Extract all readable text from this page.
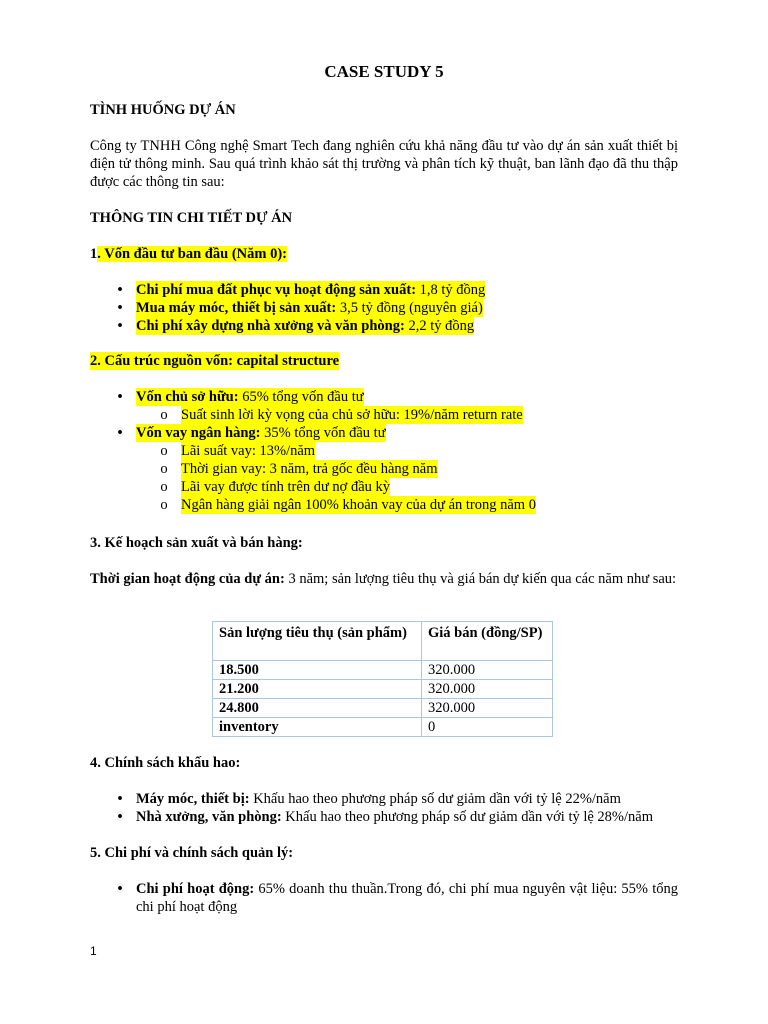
CASE STUDY 5
TÌNH HUỐNG DỰ ÁN
Công ty TNHH Công nghệ Smart Tech đang nghiên cứu khả năng đầu tư vào dự án sản xuất thiết bị điện tử thông minh. Sau quá trình khảo sát thị trường và phân tích kỹ thuật, ban lãnh đạo đã thu thập được các thông tin sau:
THÔNG TIN CHI TIẾT DỰ ÁN
1. Vốn đầu tư ban đầu (Năm 0):
• Chi phí mua đất phục vụ hoạt động sản xuất: 1,8 tỷ đồng
• Mua máy móc, thiết bị sản xuất: 3,5 tỷ đồng (nguyên giá)
• Chi phí xây dựng nhà xưởng và văn phòng: 2,2 tỷ đồng
2. Cấu trúc nguồn vốn: capital structure
• Vốn chủ sở hữu: 65% tổng vốn đầu tư
o Suất sinh lời kỳ vọng của chủ sở hữu: 19%/năm return rate
• Vốn vay ngân hàng: 35% tổng vốn đầu tư
o Lãi suất vay: 13%/năm
o Thời gian vay: 3 năm, trả gốc đều hàng năm
o Lãi vay được tính trên dư nợ đầu kỳ
o Ngân hàng giải ngân 100% khoản vay của dự án trong năm 0
3. Kế hoạch sản xuất và bán hàng:
Thời gian hoạt động của dự án: 3 năm; sản lượng tiêu thụ và giá bán dự kiến qua các năm như sau:
Sản lượng tiêu thụ (sản phẩm)	Giá bán (đồng/SP)
18.500	320.000
21.200	320.000
24.800	320.000
inventory	0
4. Chính sách khấu hao:
• Máy móc, thiết bị: Khấu hao theo phương pháp số dư giảm dần với tỷ lệ 22%/năm
• Nhà xưởng, văn phòng: Khấu hao theo phương pháp số dư giảm dần với tỷ lệ 28%/năm
5. Chi phí và chính sách quản lý:
• Chi phí hoạt động: 65% doanh thu thuần.Trong đó, chi phí mua nguyên vật liệu: 55% tổng chi phí hoạt động
1
